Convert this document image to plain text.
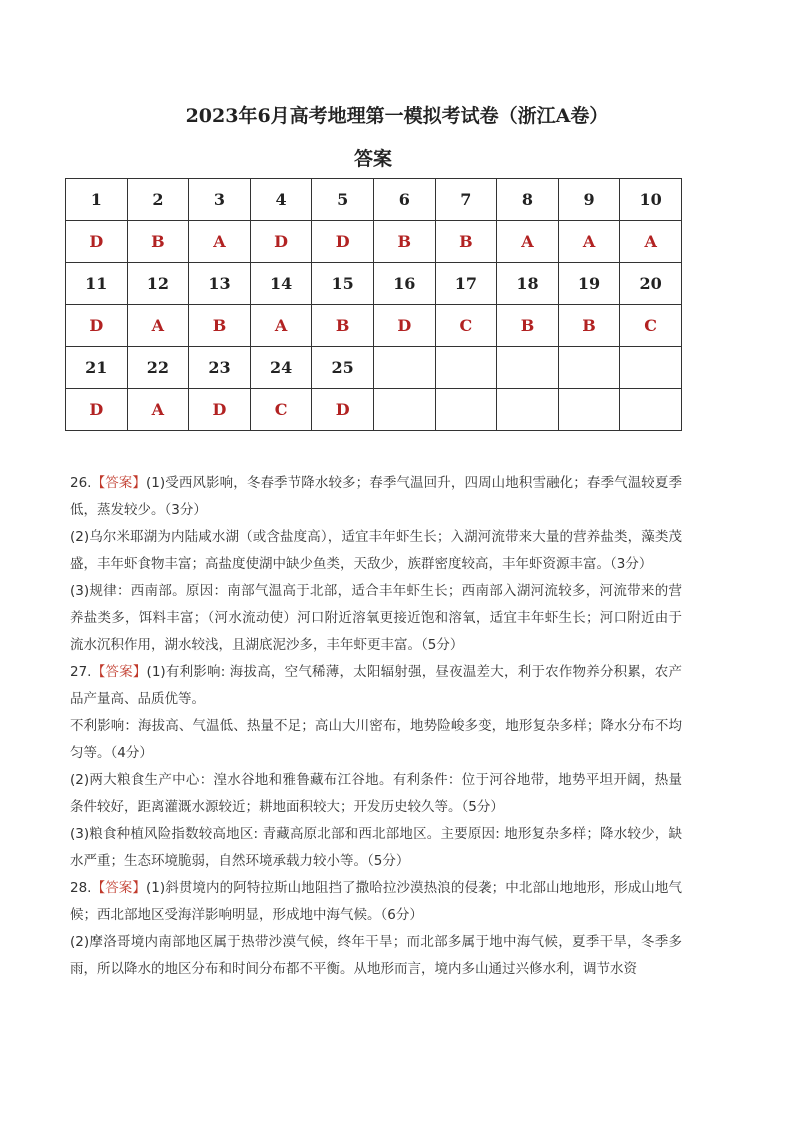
2023年6月高考地理第一模拟考试卷（浙江A卷）
答案
1	2	3	4	5	6	7	8	9	10
D	B	A	D	D	B	B	A	A	A
11	12	13	14	15	16	17	18	19	20
D	A	B	A	B	D	C	B	B	C
21	22	23	24	25					
D	A	D	C	D					

26.【答案】(1)受西风影响，冬春季节降水较多；春季气温回升，四周山地积雪融化；春季气温较夏季低，蒸发较少。（3分）

(2)乌尔米耶湖为内陆咸水湖（或含盐度高），适宜丰年虾生长；入湖河流带来大量的营养盐类，藻类茂盛，丰年虾食物丰富；高盐度使湖中缺少鱼类，天敌少，族群密度较高，丰年虾资源丰富。（3分）

(3)规律：西南部。原因：南部气温高于北部，适合丰年虾生长；西南部入湖河流较多，河流带来的营养盐类多，饵料丰富；（河水流动使）河口附近溶氧更接近饱和溶氧，适宜丰年虾生长；河口附近由于流水沉积作用，湖水较浅，且湖底泥沙多，丰年虾更丰富。（5分）

27.【答案】(1)有利影响: 海拔高，空气稀薄，太阳辐射强，昼夜温差大，利于农作物养分积累，农产品产量高、品质优等。

不利影响：海拔高、气温低、热量不足；高山大川密布，地势险峻多变，地形复杂多样；降水分布不均匀等。（4分）

(2)两大粮食生产中心：湟水谷地和雅鲁藏布江谷地。有利条件：位于河谷地带，地势平坦开阔，热量条件较好，距离灌溉水源较近；耕地面积较大；开发历史较久等。（5分）

(3)粮食种植风险指数较高地区: 青藏高原北部和西北部地区。主要原因: 地形复杂多样；降水较少，缺水严重；生态环境脆弱，自然环境承载力较小等。（5分）

28.【答案】(1)斜贯境内的阿特拉斯山地阻挡了撒哈拉沙漠热浪的侵袭；中北部山地地形，形成山地气候；西北部地区受海洋影响明显，形成地中海气候。（6分）

(2)摩洛哥境内南部地区属于热带沙漠气候，终年干旱；而北部多属于地中海气候，夏季干旱，冬季多雨，所以降水的地区分布和时间分布都不平衡。从地形而言，境内多山通过兴修水利，调节水资
